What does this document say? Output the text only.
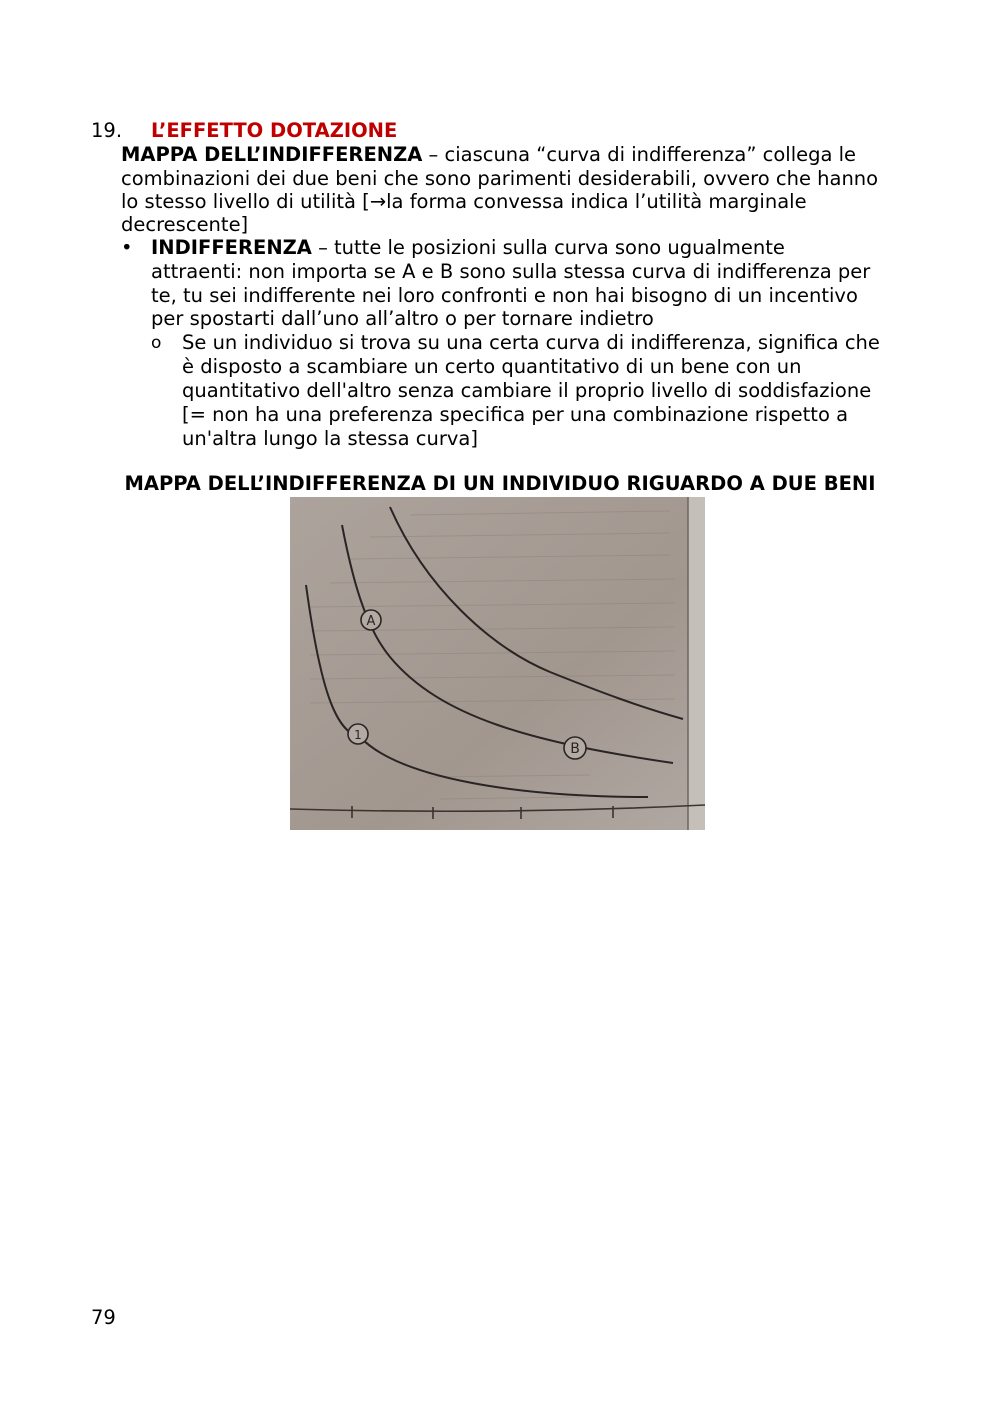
19. L’EFFETTO DOTAZIONE
MAPPA DELL’INDIFFERENZA – ciascuna “curva di indifferenza” collega le
combinazioni dei due beni che sono parimenti desiderabili, ovvero che hanno
lo stesso livello di utilità [→la forma convessa indica l’utilità marginale
decrescente]
• INDIFFERENZA – tutte le posizioni sulla curva sono ugualmente
attraenti: non importa se A e B sono sulla stessa curva di indifferenza per
te, tu sei indifferente nei loro confronti e non hai bisogno di un incentivo
per spostarti dall’uno all’altro o per tornare indietro
o Se un individuo si trova su una certa curva di indifferenza, significa che
è disposto a scambiare un certo quantitativo di un bene con un
quantitativo dell'altro senza cambiare il proprio livello di soddisfazione
[= non ha una preferenza specifica per una combinazione rispetto a
un'altra lungo la stessa curva]
MAPPA DELL’INDIFFERENZA DI UN INDIVIDUO RIGUARDO A DUE BENI
A
B
1
79
